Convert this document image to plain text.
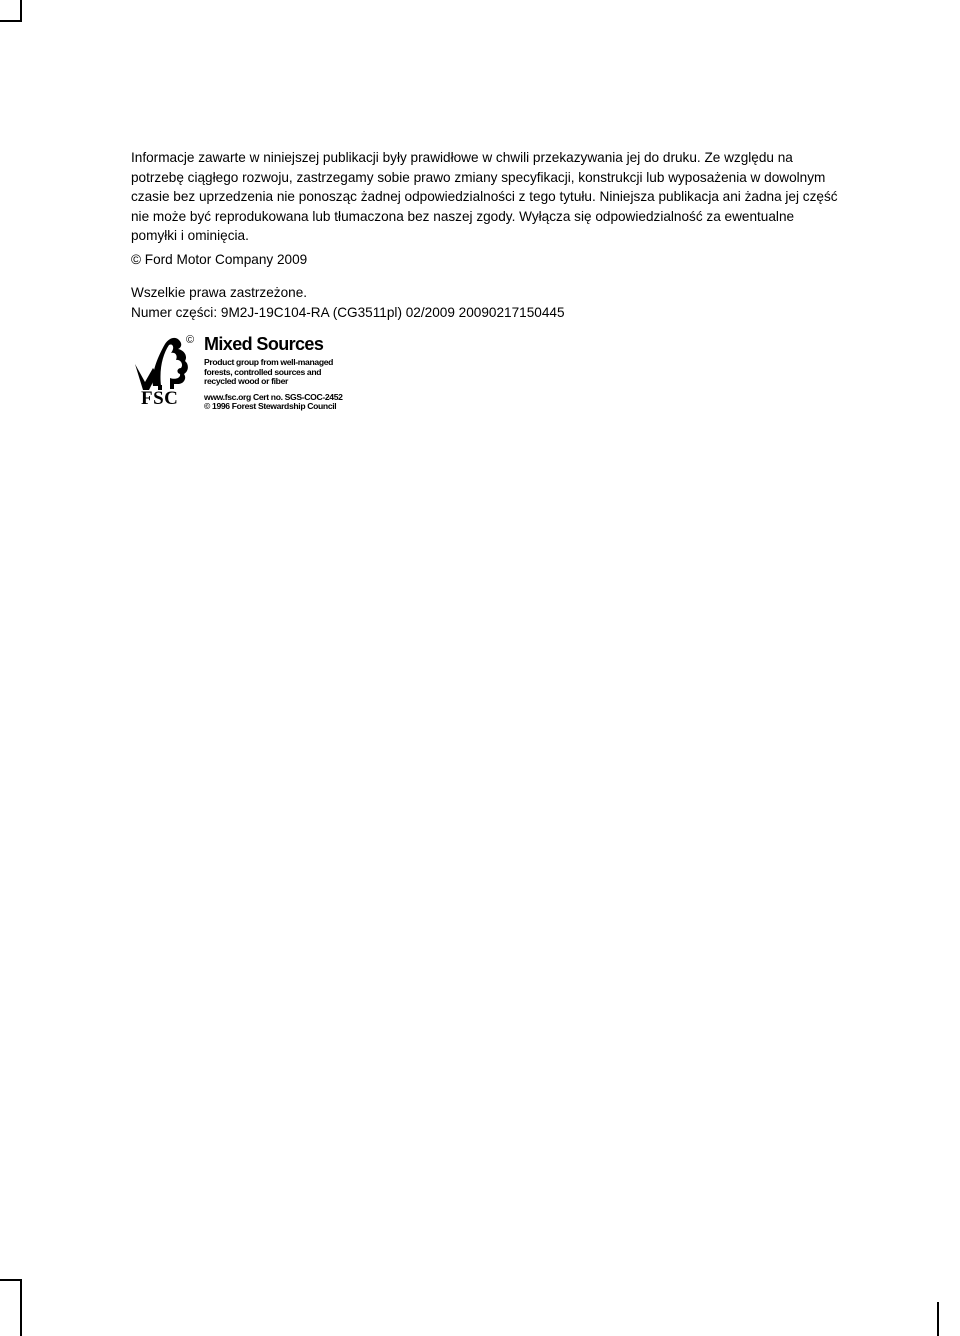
Informacje zawarte w niniejszej publikacji były prawidłowe w chwili przekazywania jej do druku. Ze względu na potrzebę ciągłego rozwoju, zastrzegamy sobie prawo zmiany specyfikacji, konstrukcji lub wyposażenia w dowolnym czasie bez uprzedzenia nie ponosząc żadnej odpowiedzialności z tego tytułu. Niniejsza publikacja ani żadna jej część nie może być reprodukowana lub tłumaczona bez naszej zgody. Wyłącza się odpowiedzialność za ewentualne pomyłki i ominięcia.

© Ford Motor Company 2009

Wszelkie prawa zastrzeżone.

Numer części: 9M2J-19C104-RA (CG3511pl) 02/2009 20090217150445

©
FSC

Mixed Sources

Product group from well-managed

forests, controlled sources and

recycled wood or fiber

www.fsc.org Cert no. SGS-COC-2452

© 1996 Forest Stewardship Council
